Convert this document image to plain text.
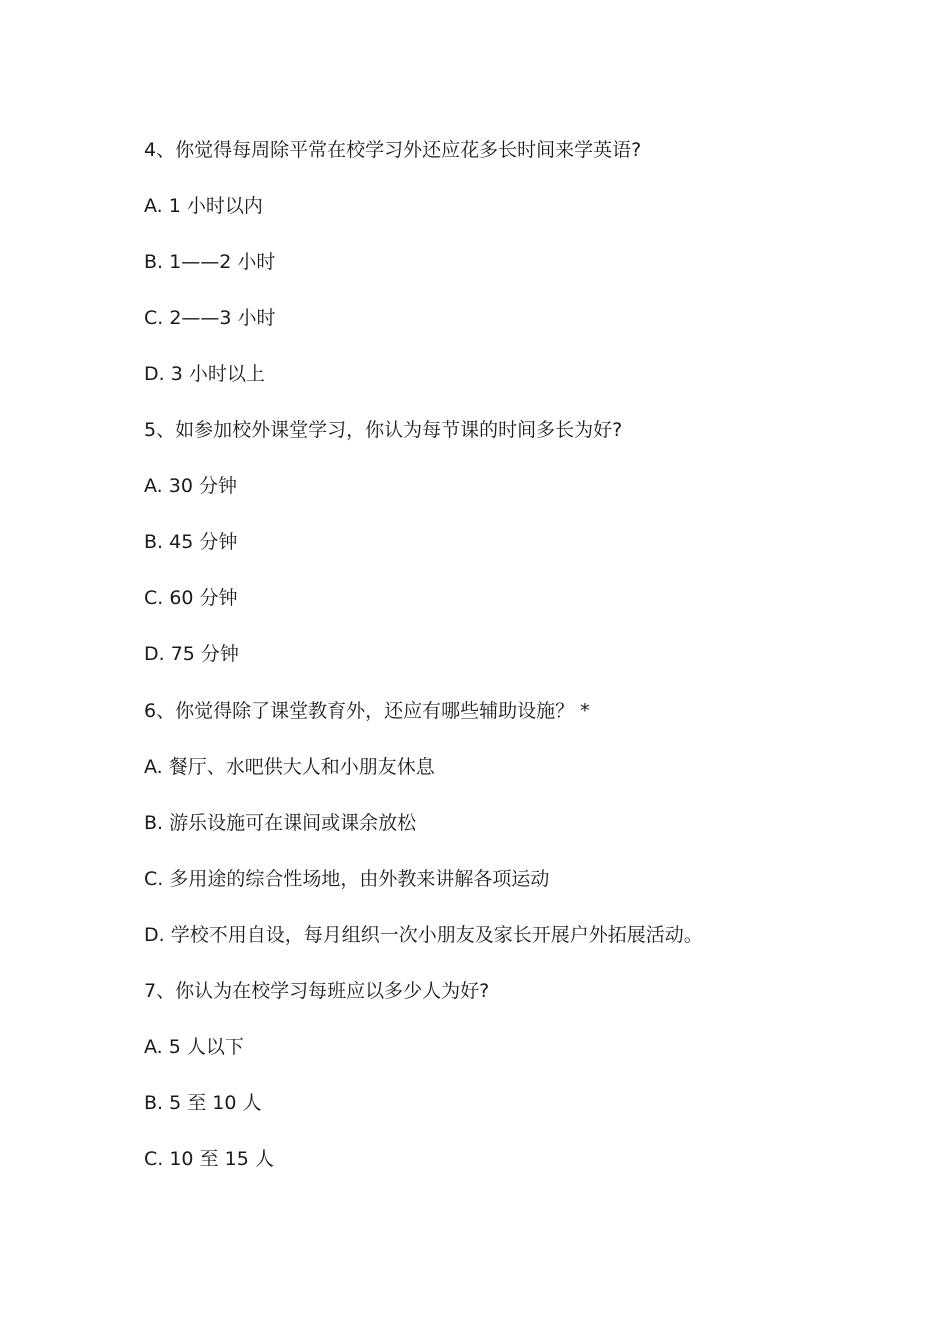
4、你觉得每周除平常在校学习外还应花多长时间来学英语?
A. 1 小时以内
B. 1——2 小时
C. 2——3 小时
D. 3 小时以上
5、如参加校外课堂学习，你认为每节课的时间多长为好?
A. 30 分钟
B. 45 分钟
C. 60 分钟
D. 75 分钟
6、你觉得除了课堂教育外，还应有哪些辅助设施？ *
A. 餐厅、水吧供大人和小朋友休息
B. 游乐设施可在课间或课余放松
C. 多用途的综合性场地，由外教来讲解各项运动
D. 学校不用自设，每月组织一次小朋友及家长开展户外拓展活动。
7、你认为在校学习每班应以多少人为好?
A. 5 人以下
B. 5 至 10 人
C. 10 至 15 人
